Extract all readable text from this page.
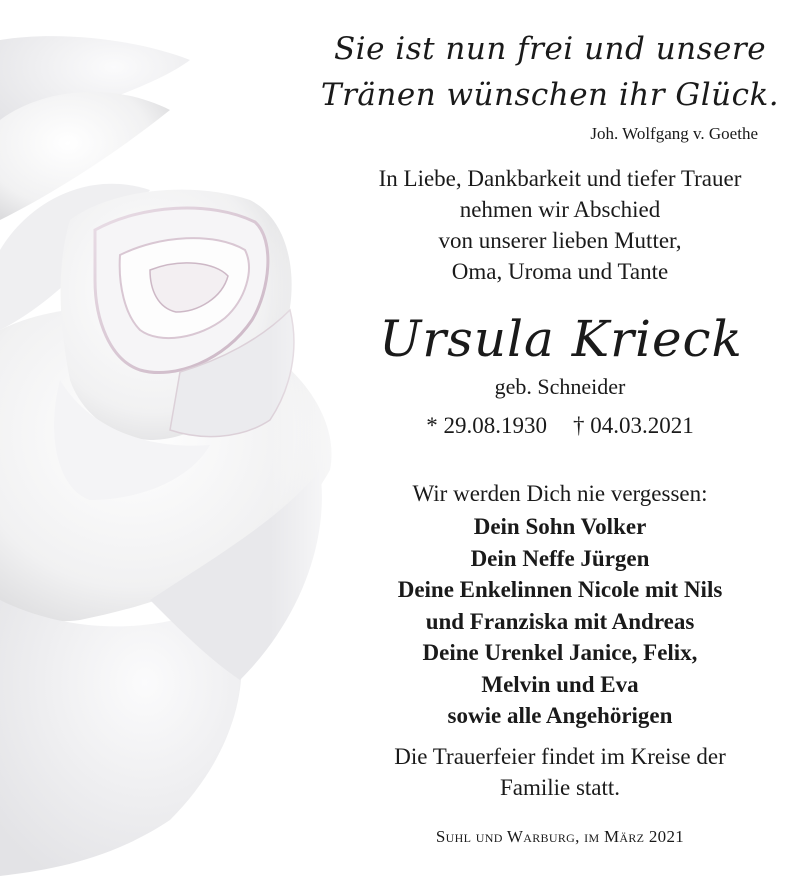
Sie ist nun frei und unsere
Tränen wünschen ihr Glück.
Joh. Wolfgang v. Goethe
In Liebe, Dankbarkeit und tiefer Trauer
nehmen wir Abschied
von unserer lieben Mutter,
Oma, Uroma und Tante
Ursula Krieck
geb. Schneider
* 29.08.1930 † 04.03.2021
Wir werden Dich nie vergessen:
Dein Sohn Volker
Dein Neffe Jürgen
Deine Enkelinnen Nicole mit Nils
und Franziska mit Andreas
Deine Urenkel Janice, Felix,
Melvin und Eva
sowie alle Angehörigen
Die Trauerfeier findet im Kreise der
Familie statt.
Suhl und Warburg, im März 2021
